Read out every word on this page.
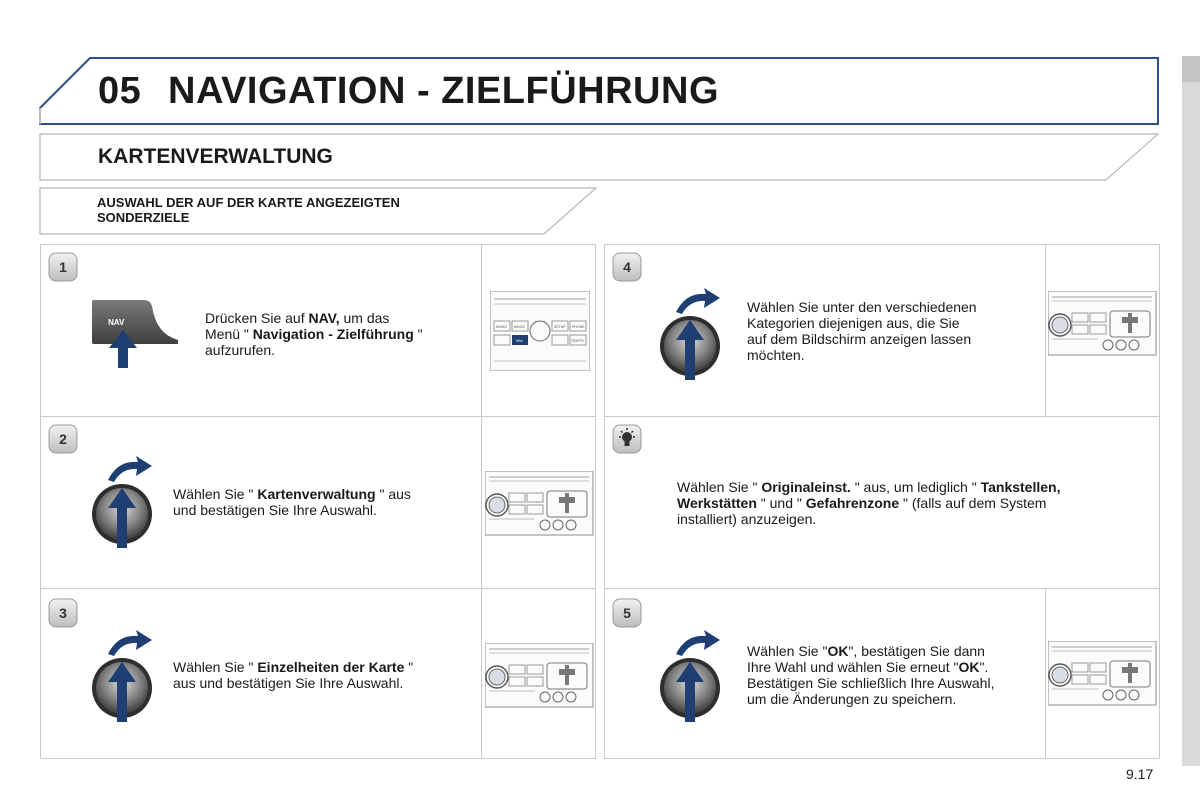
05 NAVIGATION - ZIELFÜHRUNG
KARTENVERWALTUNG
AUSWAHL DER AUF DER KARTE ANGEZEIGTEN
SONDERZIELE
RADIO MUSIC	SETUP PHONE
NAV	TRAFFIC
1
NAV	Drücken Sie auf NAV, um das
Menü " Navigation - Zielführung "
aufzurufen.
2
Wählen Sie " Kartenverwaltung " aus
und bestätigen Sie Ihre Auswahl.
3
Wählen Sie " Einzelheiten der Karte "
aus und bestätigen Sie Ihre Auswahl.
4
Wählen Sie unter den verschiedenen
Kategorien diejenigen aus, die Sie
auf dem Bildschirm anzeigen lassen
möchten.
Wählen Sie " Originaleinst. " aus, um lediglich " Tankstellen,
Werkstätten " und " Gefahrenzone " (falls auf dem System
installiert) anzuzeigen.
5
Wählen Sie "OK", bestätigen Sie dann
Ihre Wahl und wählen Sie erneut "OK".
Bestätigen Sie schließlich Ihre Auswahl,
um die Änderungen zu speichern.
9.17
